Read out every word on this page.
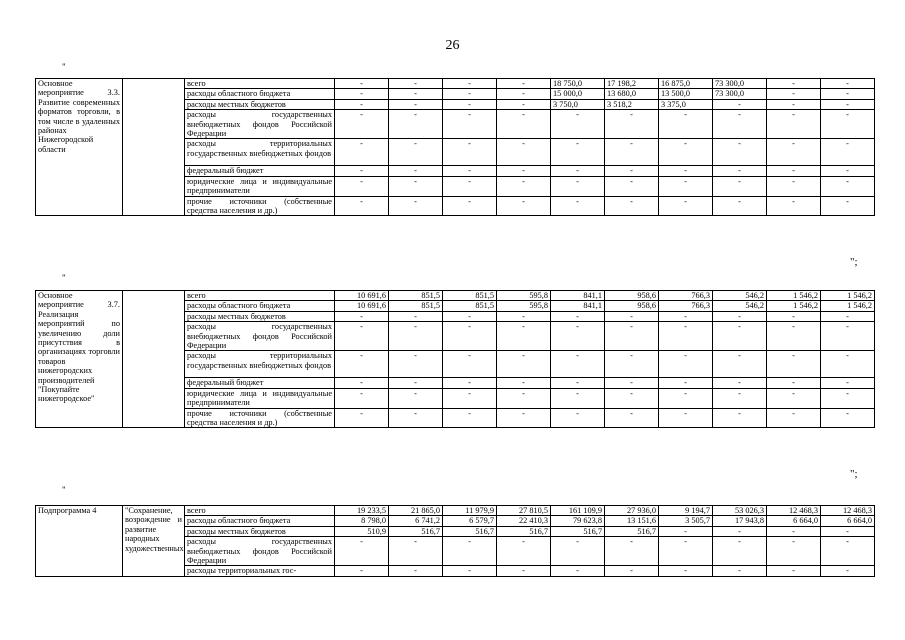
26
"
Основное мероприятие 3.3. Развитие современных форматов торговли, в том числе в удаленных районах Нижегородской области		всего	-	-	-	-	18 750,0	17 198,2	16 875,0	73 300,0	-	-
		расходы областного бюджета	-	-	-	-	15 000,0	13 680,0	13 500,0	73 300,0	-	-
		расходы местных бюджетов	-	-	-	-	3 750,0	3 518,2	3 375,0	-	-	-
		расходы государственных внебюджетных фондов Российской Федерации	-	-	-	-	-	-	-	-	-	-
		расходы территориальных государственных внебюджетных фондов	-	-	-	-	-	-	-	-	-	-
		федеральный бюджет	-	-	-	-	-	-	-	-	-	-
		юридические лица и индивидуальные предприниматели	-	-	-	-	-	-	-	-	-	-
		прочие источники (собственные средства населения и др.)	-	-	-	-	-	-	-	-	-	-
";
"
Основное мероприятие 3.7. Реализация мероприятий по увеличению доли присутствия в организациях торговли товаров нижегородских производителей "Покупайте нижегородское"		всего	10 691,6	851,5	851,5	595,8	841,1	958,6	766,3	546,2	1 546,2	1 546,2
		расходы областного бюджета	10 691,6	851,5	851,5	595,8	841,1	958,6	766,3	546,2	1 546,2	1 546,2
		расходы местных бюджетов	-	-	-	-	-	-	-	-	-	-
		расходы государственных внебюджетных фондов Российской Федерации	-	-	-	-	-	-	-	-	-	-
		расходы территориальных государственных внебюджетных фондов	-	-	-	-	-	-	-	-	-	-
		федеральный бюджет	-	-	-	-	-	-	-	-	-	-
		юридические лица и индивидуальные предприниматели	-	-	-	-	-	-	-	-	-	-
		прочие источники (собственные средства населения и др.)	-	-	-	-	-	-	-	-	-	-
";
"
Подпрограмма 4	"Сохранение, возрождение и развитие народных художественных	всего	19 233,5	21 865,0	11 979,9	27 810,5	161 109,9	27 936,0	9 194,7	53 026,3	12 468,3	12 468,3
		расходы областного бюджета	8 798,0	6 741,2	6 579,7	22 410,3	79 623,8	13 151,6	3 505,7	17 943,8	6 664,0	6 664,0
		расходы местных бюджетов	510,9	516,7	516,7	516,7	516,7	516,7	-	-	-	-
		расходы государственных внебюджетных фондов Российской Федерации	-	-	-	-	-	-	-	-	-	-
		расходы территориальных гос-	-	-	-	-	-	-	-	-	-	-
